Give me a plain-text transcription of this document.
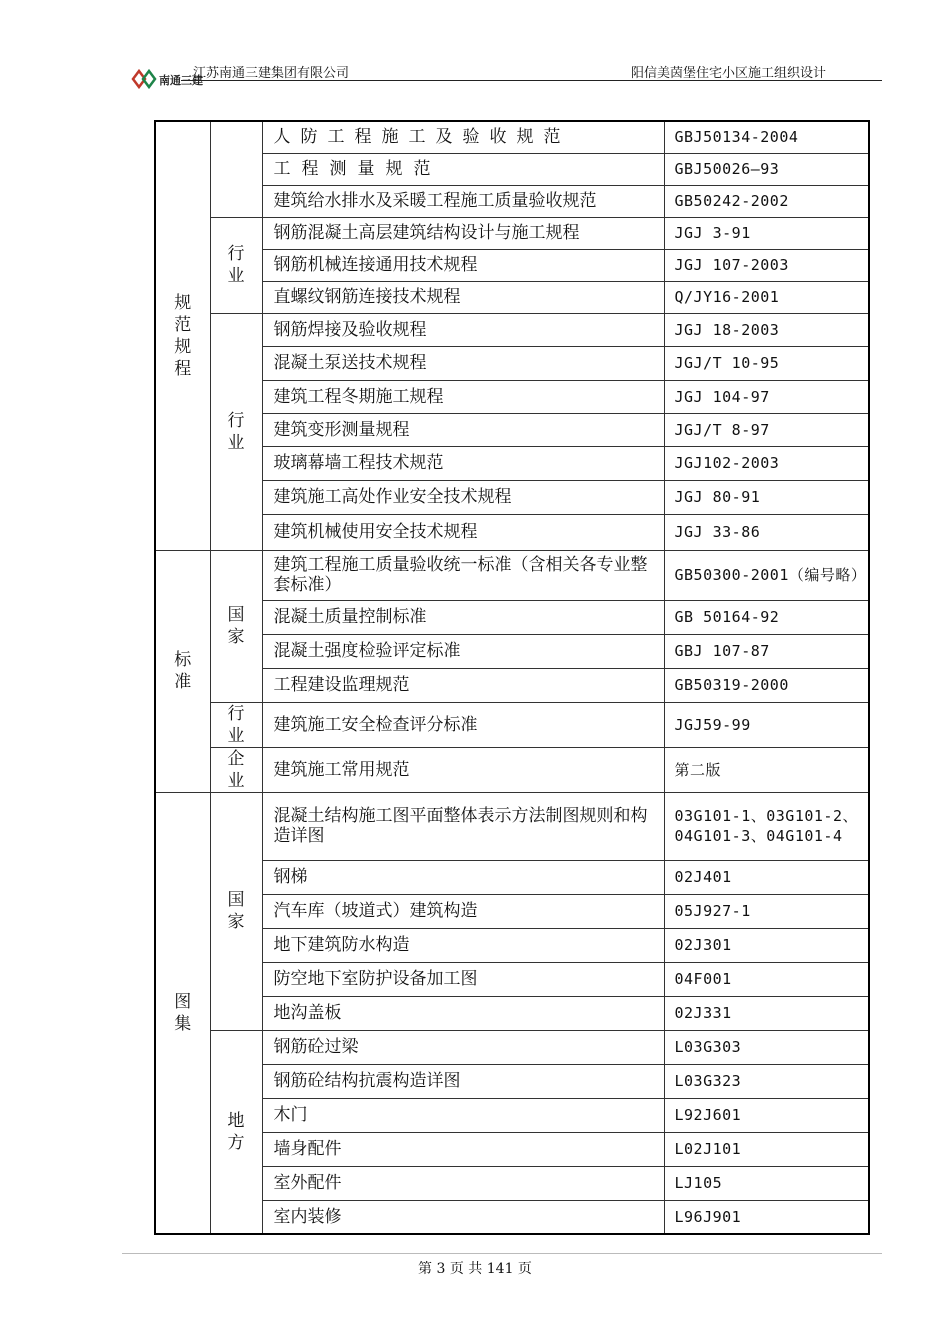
南通三建
江苏南通三建集团有限公司	阳信美茵堡住宅小区施工组织设计
规范规程		人防工程施工及验收规范	GBJ50134-2004
		工程测量规范	GBJ50026—93
		建筑给水排水及采暖工程施工质量验收规范	GB50242-2002
	行业	钢筋混凝土高层建筑结构设计与施工规程	JGJ 3-91
		钢筋机械连接通用技术规程	JGJ 107-2003
		直螺纹钢筋连接技术规程	Q/JY16-2001
	行业	钢筋焊接及验收规程	JGJ 18-2003
		混凝土泵送技术规程	JGJ/T 10-95
		建筑工程冬期施工规程	JGJ 104-97
		建筑变形测量规程	JGJ/T 8-97
		玻璃幕墙工程技术规范	JGJ102-2003
		建筑施工高处作业安全技术规程	JGJ 80-91
		建筑机械使用安全技术规程	JGJ 33-86
标准	国家	建筑工程施工质量验收统一标准（含相关各专业整套标准）	GB50300-2001（编号略）
		混凝土质量控制标准	GB 50164-92
		混凝土强度检验评定标准	GBJ 107-87
		工程建设监理规范	GB50319-2000
	行业	建筑施工安全检查评分标准	JGJ59-99
	企业	建筑施工常用规范	第二版
图集	国家	混凝土结构施工图平面整体表示方法制图规则和构造详图	03G101-1、03G101-2、04G101-3、04G101-4
		钢梯	02J401
		汽车库（坡道式）建筑构造	05J927-1
		地下建筑防水构造	02J301
		防空地下室防护设备加工图	04F001
		地沟盖板	02J331
	地方	钢筋砼过梁	L03G303
		钢筋砼结构抗震构造详图	L03G323
		木门	L92J601
		墙身配件	L02J101
		室外配件	LJ105
		室内装修	L96J901
第 3 页 共 141 页
